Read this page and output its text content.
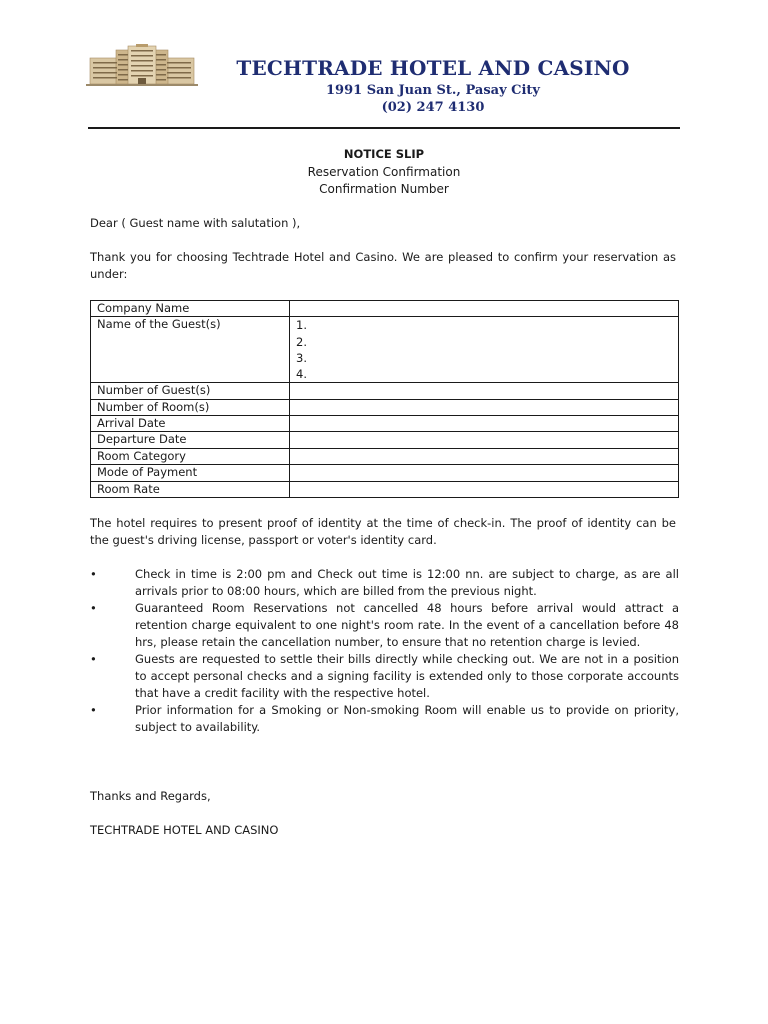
TECHTRADE HOTEL AND CASINO
1991 San Juan St., Pasay City
(02) 247 4130
NOTICE SLIP
Reservation Confirmation
Confirmation Number
Dear ( Guest name with salutation ),
Thank you for choosing Techtrade Hotel and Casino. We are pleased to confirm your reservation as under:
Company Name	
Name of the Guest(s)	1.
2.
3.
4.

Number of Guest(s)	
Number of Room(s)	
Arrival Date	
Departure Date	
Room Category	
Mode of Payment	
Room Rate	
The hotel requires to present proof of identity at the time of check-in. The proof of identity can be the guest's driving license, passport or voter's identity card.
•	Check in time is 2:00 pm and Check out time is 12:00 nn. are subject to charge, as are all arrivals prior to 08:00 hours, which are billed from the previous night.
•	Guaranteed Room Reservations not cancelled 48 hours before arrival would attract a retention charge equivalent to one night's room rate. In the event of a cancellation before 48 hrs, please retain the cancellation number, to ensure that no retention charge is levied.
•	Guests are requested to settle their bills directly while checking out. We are not in a position to accept personal checks and a signing facility is extended only to those corporate accounts that have a credit facility with the respective hotel.
•	Prior information for a Smoking or Non-smoking Room will enable us to provide on priority, subject to availability.
Thanks and Regards,
TECHTRADE HOTEL AND CASINO
